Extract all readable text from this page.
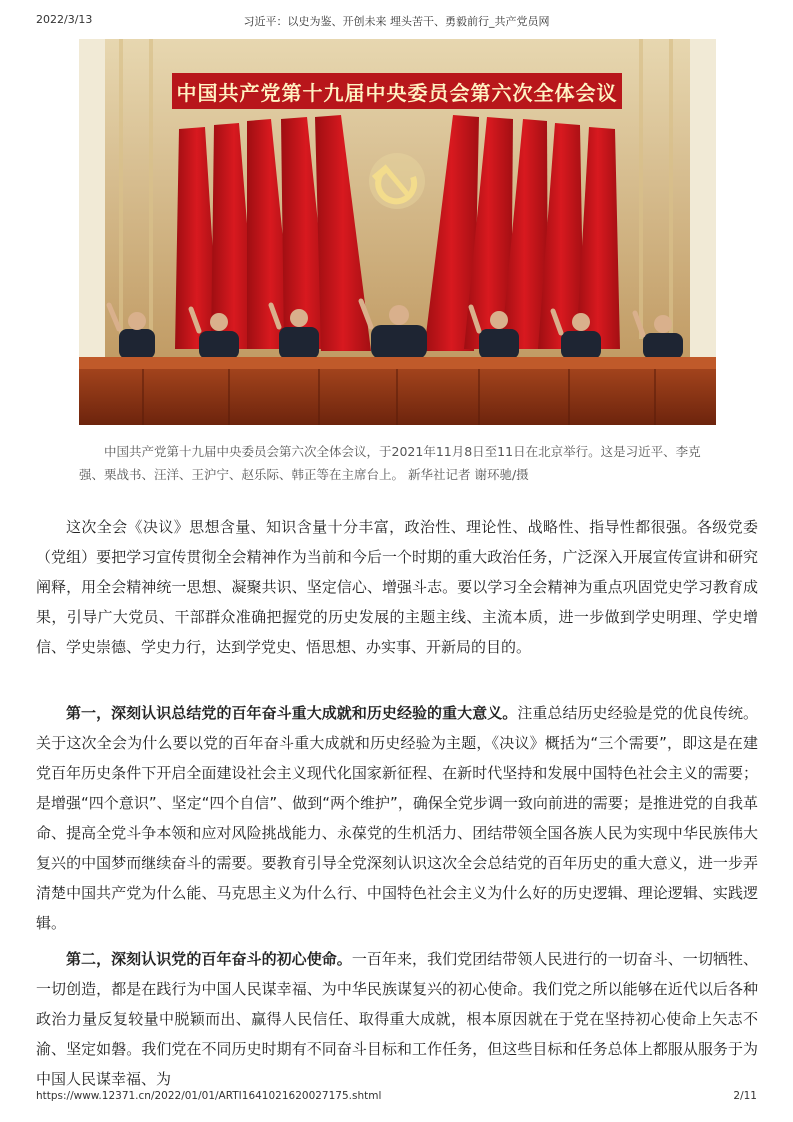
2022/3/13	习近平：以史为鉴、开创未来 埋头苦干、勇毅前行_共产党员网
中国共产党第十九届中央委员会第六次全体会议
中国共产党第十九届中央委员会第六次全体会议，于2021年11月8日至11日在北京举行。这是习近平、李克强、栗战书、汪洋、王沪宁、赵乐际、韩正等在主席台上。 新华社记者 谢环驰/摄

这次全会《决议》思想含量、知识含量十分丰富，政治性、理论性、战略性、指导性都很强。各级党委（党组）要把学习宣传贯彻全会精神作为当前和今后一个时期的重大政治任务，广泛深入开展宣传宣讲和研究阐释，用全会精神统一思想、凝聚共识、坚定信心、增强斗志。要以学习全会精神为重点巩固党史学习教育成果，引导广大党员、干部群众准确把握党的历史发展的主题主线、主流本质，进一步做到学史明理、学史增信、学史崇德、学史力行，达到学党史、悟思想、办实事、开新局的目的。

第一，深刻认识总结党的百年奋斗重大成就和历史经验的重大意义。注重总结历史经验是党的优良传统。关于这次全会为什么要以党的百年奋斗重大成就和历史经验为主题，《决议》概括为“三个需要”，即这是在建党百年历史条件下开启全面建设社会主义现代化国家新征程、在新时代坚持和发展中国特色社会主义的需要；是增强“四个意识”、坚定“四个自信”、做到“两个维护”，确保全党步调一致向前进的需要；是推进党的自我革命、提高全党斗争本领和应对风险挑战能力、永葆党的生机活力、团结带领全国各族人民为实现中华民族伟大复兴的中国梦而继续奋斗的需要。要教育引导全党深刻认识这次全会总结党的百年历史的重大意义，进一步弄清楚中国共产党为什么能、马克思主义为什么行、中国特色社会主义为什么好的历史逻辑、理论逻辑、实践逻辑。

第二，深刻认识党的百年奋斗的初心使命。一百年来，我们党团结带领人民进行的一切奋斗、一切牺牲、一切创造，都是在践行为中国人民谋幸福、为中华民族谋复兴的初心使命。我们党之所以能够在近代以后各种政治力量反复较量中脱颖而出、赢得人民信任、取得重大成就，根本原因就在于党在坚持初心使命上矢志不渝、坚定如磐。我们党在不同历史时期有不同奋斗目标和工作任务，但这些目标和任务总体上都服从服务于为中国人民谋幸福、为

https://www.12371.cn/2022/01/01/ARTI1641021620027175.shtml	2/11
